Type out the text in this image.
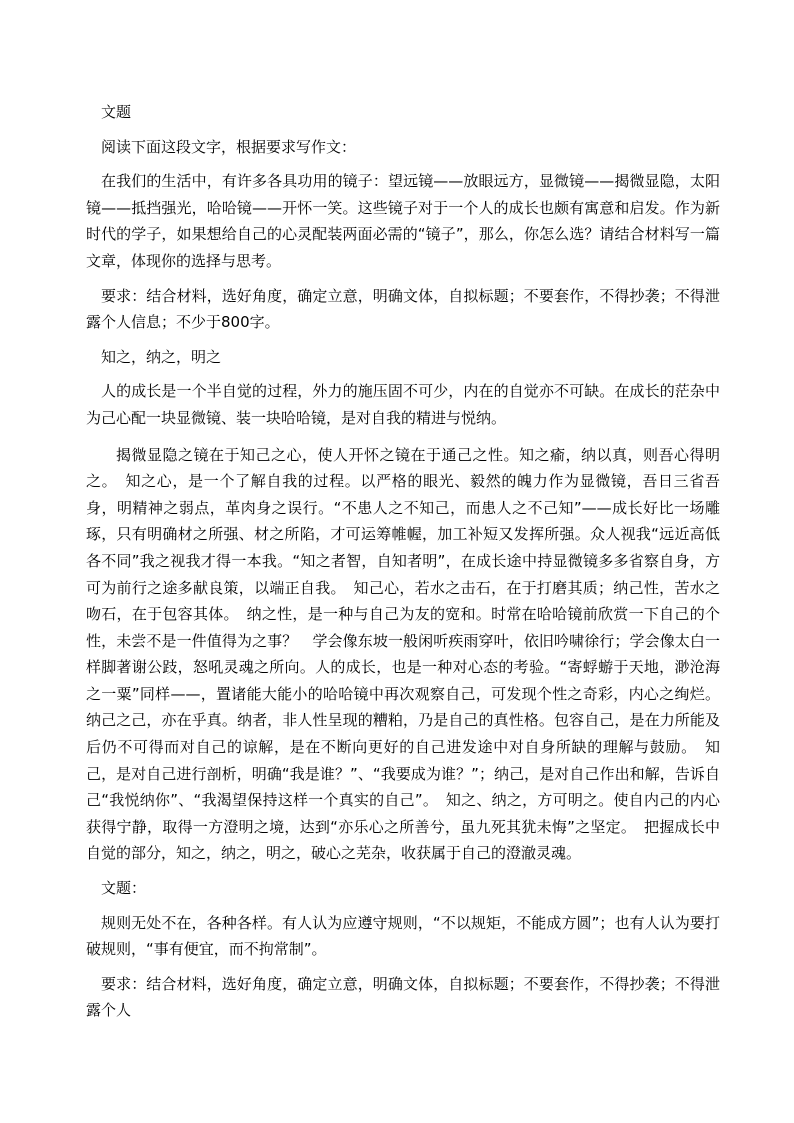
文题

阅读下面这段文字，根据要求写作文：

在我们的生活中，有许多各具功用的镜子：望远镜——放眼远方，显微镜——揭微显隐，太阳镜——抵挡强光，哈哈镜——开怀一笑。这些镜子对于一个人的成长也颇有寓意和启发。作为新时代的学子，如果想给自己的心灵配装两面必需的“镜子”，那么，你怎么选？请结合材料写一篇文章，体现你的选择与思考。

要求：结合材料，选好角度，确定立意，明确文体，自拟标题；不要套作，不得抄袭；不得泄露个人信息；不少于800字。

知之，纳之，明之

人的成长是一个半自觉的过程，外力的施压固不可少，内在的自觉亦不可缺。在成长的茫杂中为己心配一块显微镜、装一块哈哈镜，是对自我的精进与悦纳。

揭微显隐之镜在于知己之心，使人开怀之镜在于通己之性。知之瘉，纳以真，则吾心得明之。　知之心，是一个了解自我的过程。以严格的眼光、毅然的魄力作为显微镜，吾日三省吾身，明精神之弱点，革肉身之误行。“不患人之不知己，而患人之不己知”——成长好比一场雕琢，只有明确材之所强、材之所陷，才可运筹帷幄，加工补短又发挥所强。众人视我“远近高低各不同”我之视我才得一本我。“知之者智，自知者明”，在成长途中持显微镜多多省察自身，方可为前行之途多献良策，以端正自我。　知己心，若水之击石，在于打磨其质；纳己性，苦水之吻石，在于包容其体。　纳之性，是一种与自己为友的宽和。时常在哈哈镜前欣赏一下自己的个性，未尝不是一件值得为之事？　学会像东坡一般闲听疾雨穿叶，依旧吟啸徐行；学会像太白一样脚著谢公跂，怒吼灵魂之所向。人的成长，也是一种对心态的考验。“寄蜉蝣于天地，渺沧海之一粟”同样——，置诸能大能小的哈哈镜中再次观察自己，可发现个性之奇彩，内心之绚烂。纳己之己，亦在乎真。纳者，非人性呈现的糟粕，乃是自己的真性格。包容自己，是在力所能及后仍不可得而对自己的谅解，是在不断向更好的自己进发途中对自身所缺的理解与鼓励。　知己，是对自己进行剖析，明确“我是谁？”、“我要成为谁？”；纳己，是对自己作出和解，告诉自己“我悦纳你”、“我渴望保持这样一个真实的自己”。　知之、纳之，方可明之。使自内己的内心获得宁静，取得一方澄明之境，达到“亦乐心之所善兮，虽九死其犹未悔”之坚定。　把握成长中自觉的部分，知之，纳之，明之，破心之芜杂，收获属于自己的澄澈灵魂。

文题：

规则无处不在，各种各样。有人认为应遵守规则，“不以规矩，不能成方圆”；也有人认为要打破规则，“事有便宜，而不拘常制”。

要求：结合材料，选好角度，确定立意，明确文体，自拟标题；不要套作，不得抄袭；不得泄露个人
